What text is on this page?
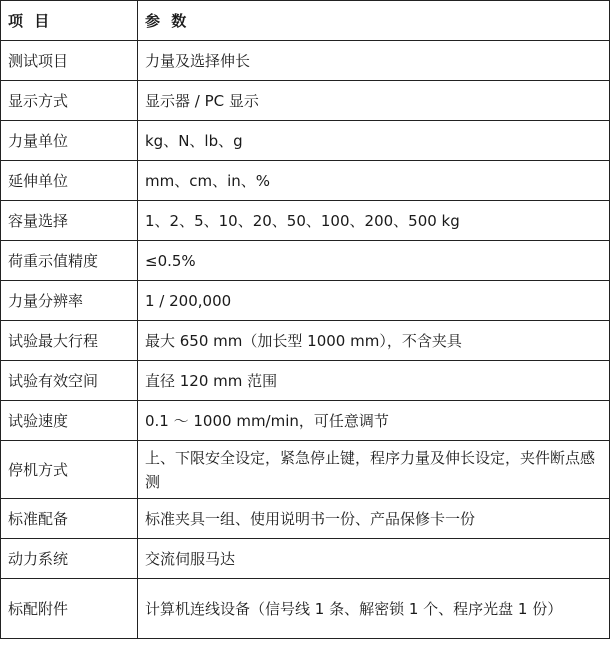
项 目	参 数
测试项目	力量及选择伸长
显示方式	显示器 / PC 显示
力量单位	kg、N、lb、g
延伸单位	mm、cm、in、%
容量选择	1、2、5、10、20、50、100、200、500 kg
荷重示值精度	≤0.5%
力量分辨率	1 / 200,000
试验最大行程	最大 650 mm（加长型 1000 mm），不含夹具
试验有效空间	直径 120 mm 范围
试验速度	0.1 ～ 1000 mm/min，可任意调节
停机方式	上、下限安全设定，紧急停止键，程序力量及伸长设定，夹件断点感测
标准配备	标准夹具一组、使用说明书一份、产品保修卡一份
动力系统	交流伺服马达
标配附件	计算机连线设备（信号线 1 条、解密锁 1 个、程序光盘 1 份）
